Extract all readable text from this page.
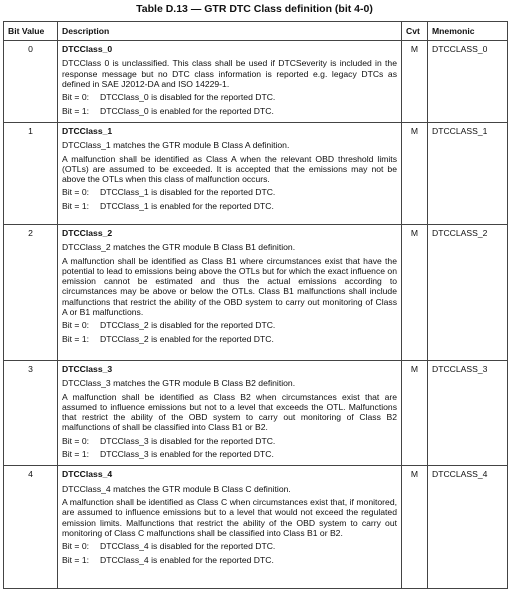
Table D.13 — GTR DTC Class definition (bit 4-0)
Bit Value	Description	Cvt	Mnemonic
0	DTCClass_0
DTCClass 0 is unclassified. This class shall be used if DTCSeverity is included in the response message but no DTC class information is reported e.g. legacy DTCs as defined in SAE J2012-DA and ISO 14229-1.
Bit = 0: DTCClass_0 is disabled for the reported DTC.
Bit = 1: DTCClass_0 is enabled for the reported DTC.	M	DTCCLASS_0
1	DTCClass_1
DTCClass_1 matches the GTR module B Class A definition.
A malfunction shall be identified as Class A when the relevant OBD threshold limits (OTLs) are assumed to be exceeded. It is accepted that the emissions may not be above the OTLs when this class of malfunction occurs.
Bit = 0: DTCClass_1 is disabled for the reported DTC.
Bit = 1: DTCClass_1 is enabled for the reported DTC.	M	DTCCLASS_1
2	DTCClass_2
DTCClass_2 matches the GTR module B Class B1 definition.
A malfunction shall be identified as Class B1 where circumstances exist that have the potential to lead to emissions being above the OTLs but for which the exact influence on emission cannot be estimated and thus the actual emissions according to circumstances may be above or below the OTLs. Class B1 malfunctions shall include malfunctions that restrict the ability of the OBD system to carry out monitoring of Class A or B1 malfunctions.
Bit = 0: DTCClass_2 is disabled for the reported DTC.
Bit = 1: DTCClass_2 is enabled for the reported DTC.	M	DTCCLASS_2
3	DTCClass_3
DTCClass_3 matches the GTR module B Class B2 definition.
A malfunction shall be identified as Class B2 when circumstances exist that are assumed to influence emissions but not to a level that exceeds the OTL. Malfunctions that restrict the ability of the OBD system to carry out monitoring of Class B2 malfunctions of shall be classified into Class B1 or B2.
Bit = 0: DTCClass_3 is disabled for the reported DTC.
Bit = 1: DTCClass_3 is enabled for the reported DTC.	M	DTCCLASS_3
4	DTCClass_4
DTCClass_4 matches the GTR module B Class C definition.
A malfunction shall be identified as Class C when circumstances exist that, if monitored, are assumed to influence emissions but to a level that would not exceed the regulated emission limits. Malfunctions that restrict the ability of the OBD system to carry out monitoring of Class C malfunctions shall be classified into Class B1 or B2.
Bit = 0: DTCClass_4 is disabled for the reported DTC.
Bit = 1: DTCClass_4 is enabled for the reported DTC.	M	DTCCLASS_4
